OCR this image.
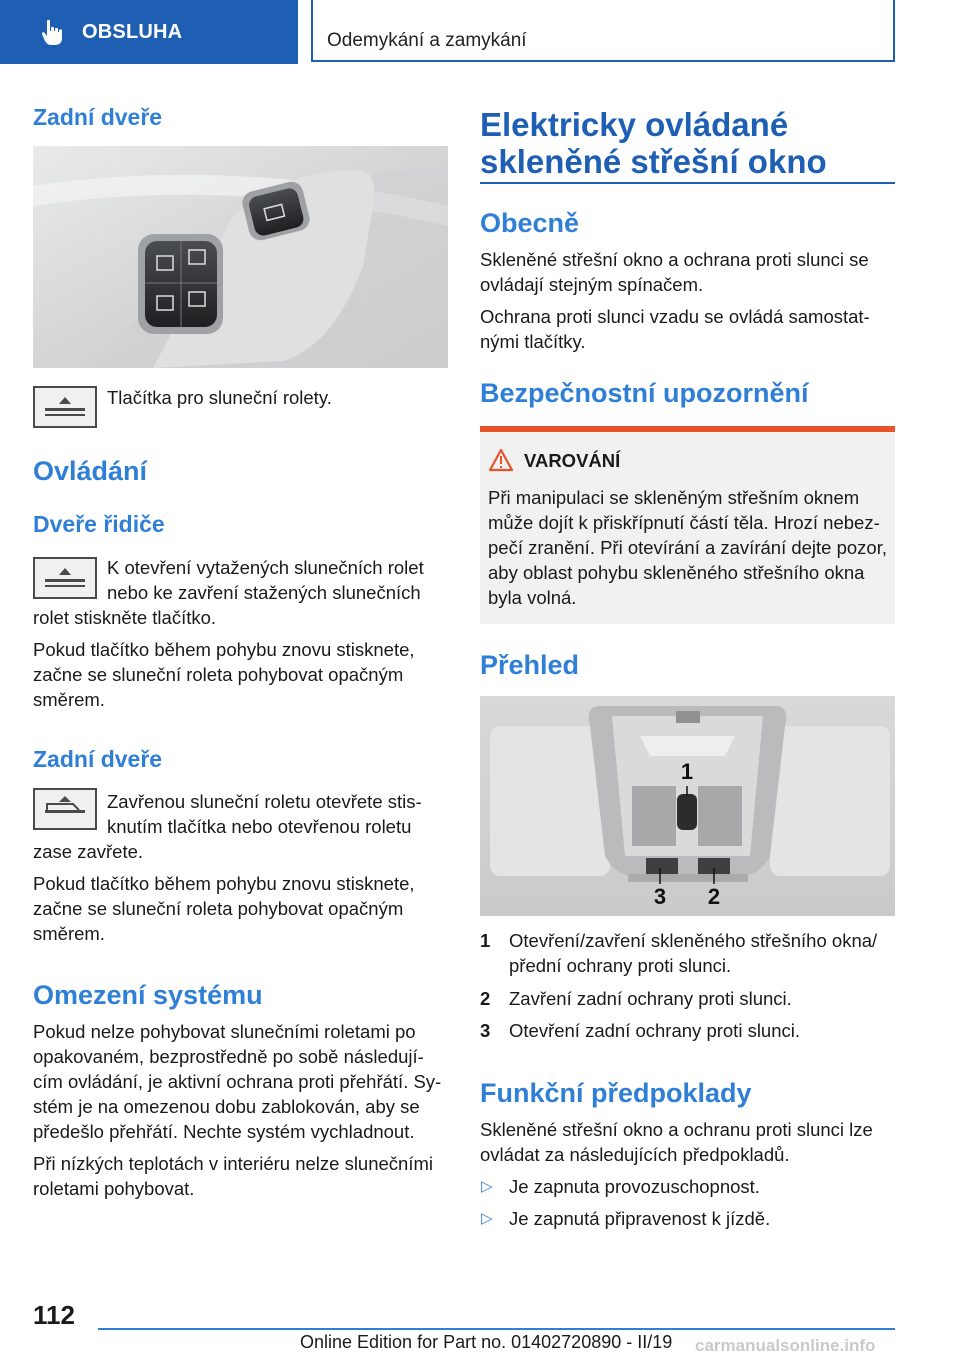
OBSLUHA	Odemykání a zamykání
Zadní dveře
Tlačítka pro sluneční rolety.
Ovládání
Dveře řidiče
K otevření vytažených slunečních rolet
nebo ke zavření stažených slunečních
rolet stiskněte tlačítko.
Pokud tlačítko během pohybu znovu stisknete,
začne se sluneční roleta pohybovat opačným
směrem.
Zadní dveře
Zavřenou sluneční roletu otevřete stis-
knutím tlačítka nebo otevřenou roletu
zase zavřete.
Pokud tlačítko během pohybu znovu stisknete,
začne se sluneční roleta pohybovat opačným
směrem.
Omezení systému
Pokud nelze pohybovat slunečními roletami po
opakovaném, bezprostředně po sobě následují-
cím ovládání, je aktivní ochrana proti přehřátí. Sy-
stém je na omezenou dobu zablokován, aby se
předešlo přehřátí. Nechte systém vychladnout.
Při nízkých teplotách v interiéru nelze slunečními
roletami pohybovat.
Elektricky ovládané
skleněné střešní okno
Obecně
Skleněné střešní okno a ochrana proti slunci se
ovládají stejným spínačem.
Ochrana proti slunci vzadu se ovládá samostat-
nými tlačítky.
Bezpečnostní upozornění
VAROVÁNÍ
Při manipulaci se skleněným střešním oknem
může dojít k přiskřípnutí částí těla. Hrozí nebez-
pečí zranění. Při otevírání a zavírání dejte pozor,
aby oblast pohybu skleněného střešního okna
byla volná.
Přehled
1
3 2
1 Otevření/zavření skleněného střešního okna/
přední ochrany proti slunci.
2 Zavření zadní ochrany proti slunci.
3 Otevření zadní ochrany proti slunci.
Funkční předpoklady
Skleněné střešní okno a ochranu proti slunci lze
ovládat za následujících předpokladů.
▷ Je zapnuta provozuschopnost.
▷ Je zapnutá připravenost k jízdě.
112
Online Edition for Part no. 01402720890 - II/19 carmanualsonline.info
